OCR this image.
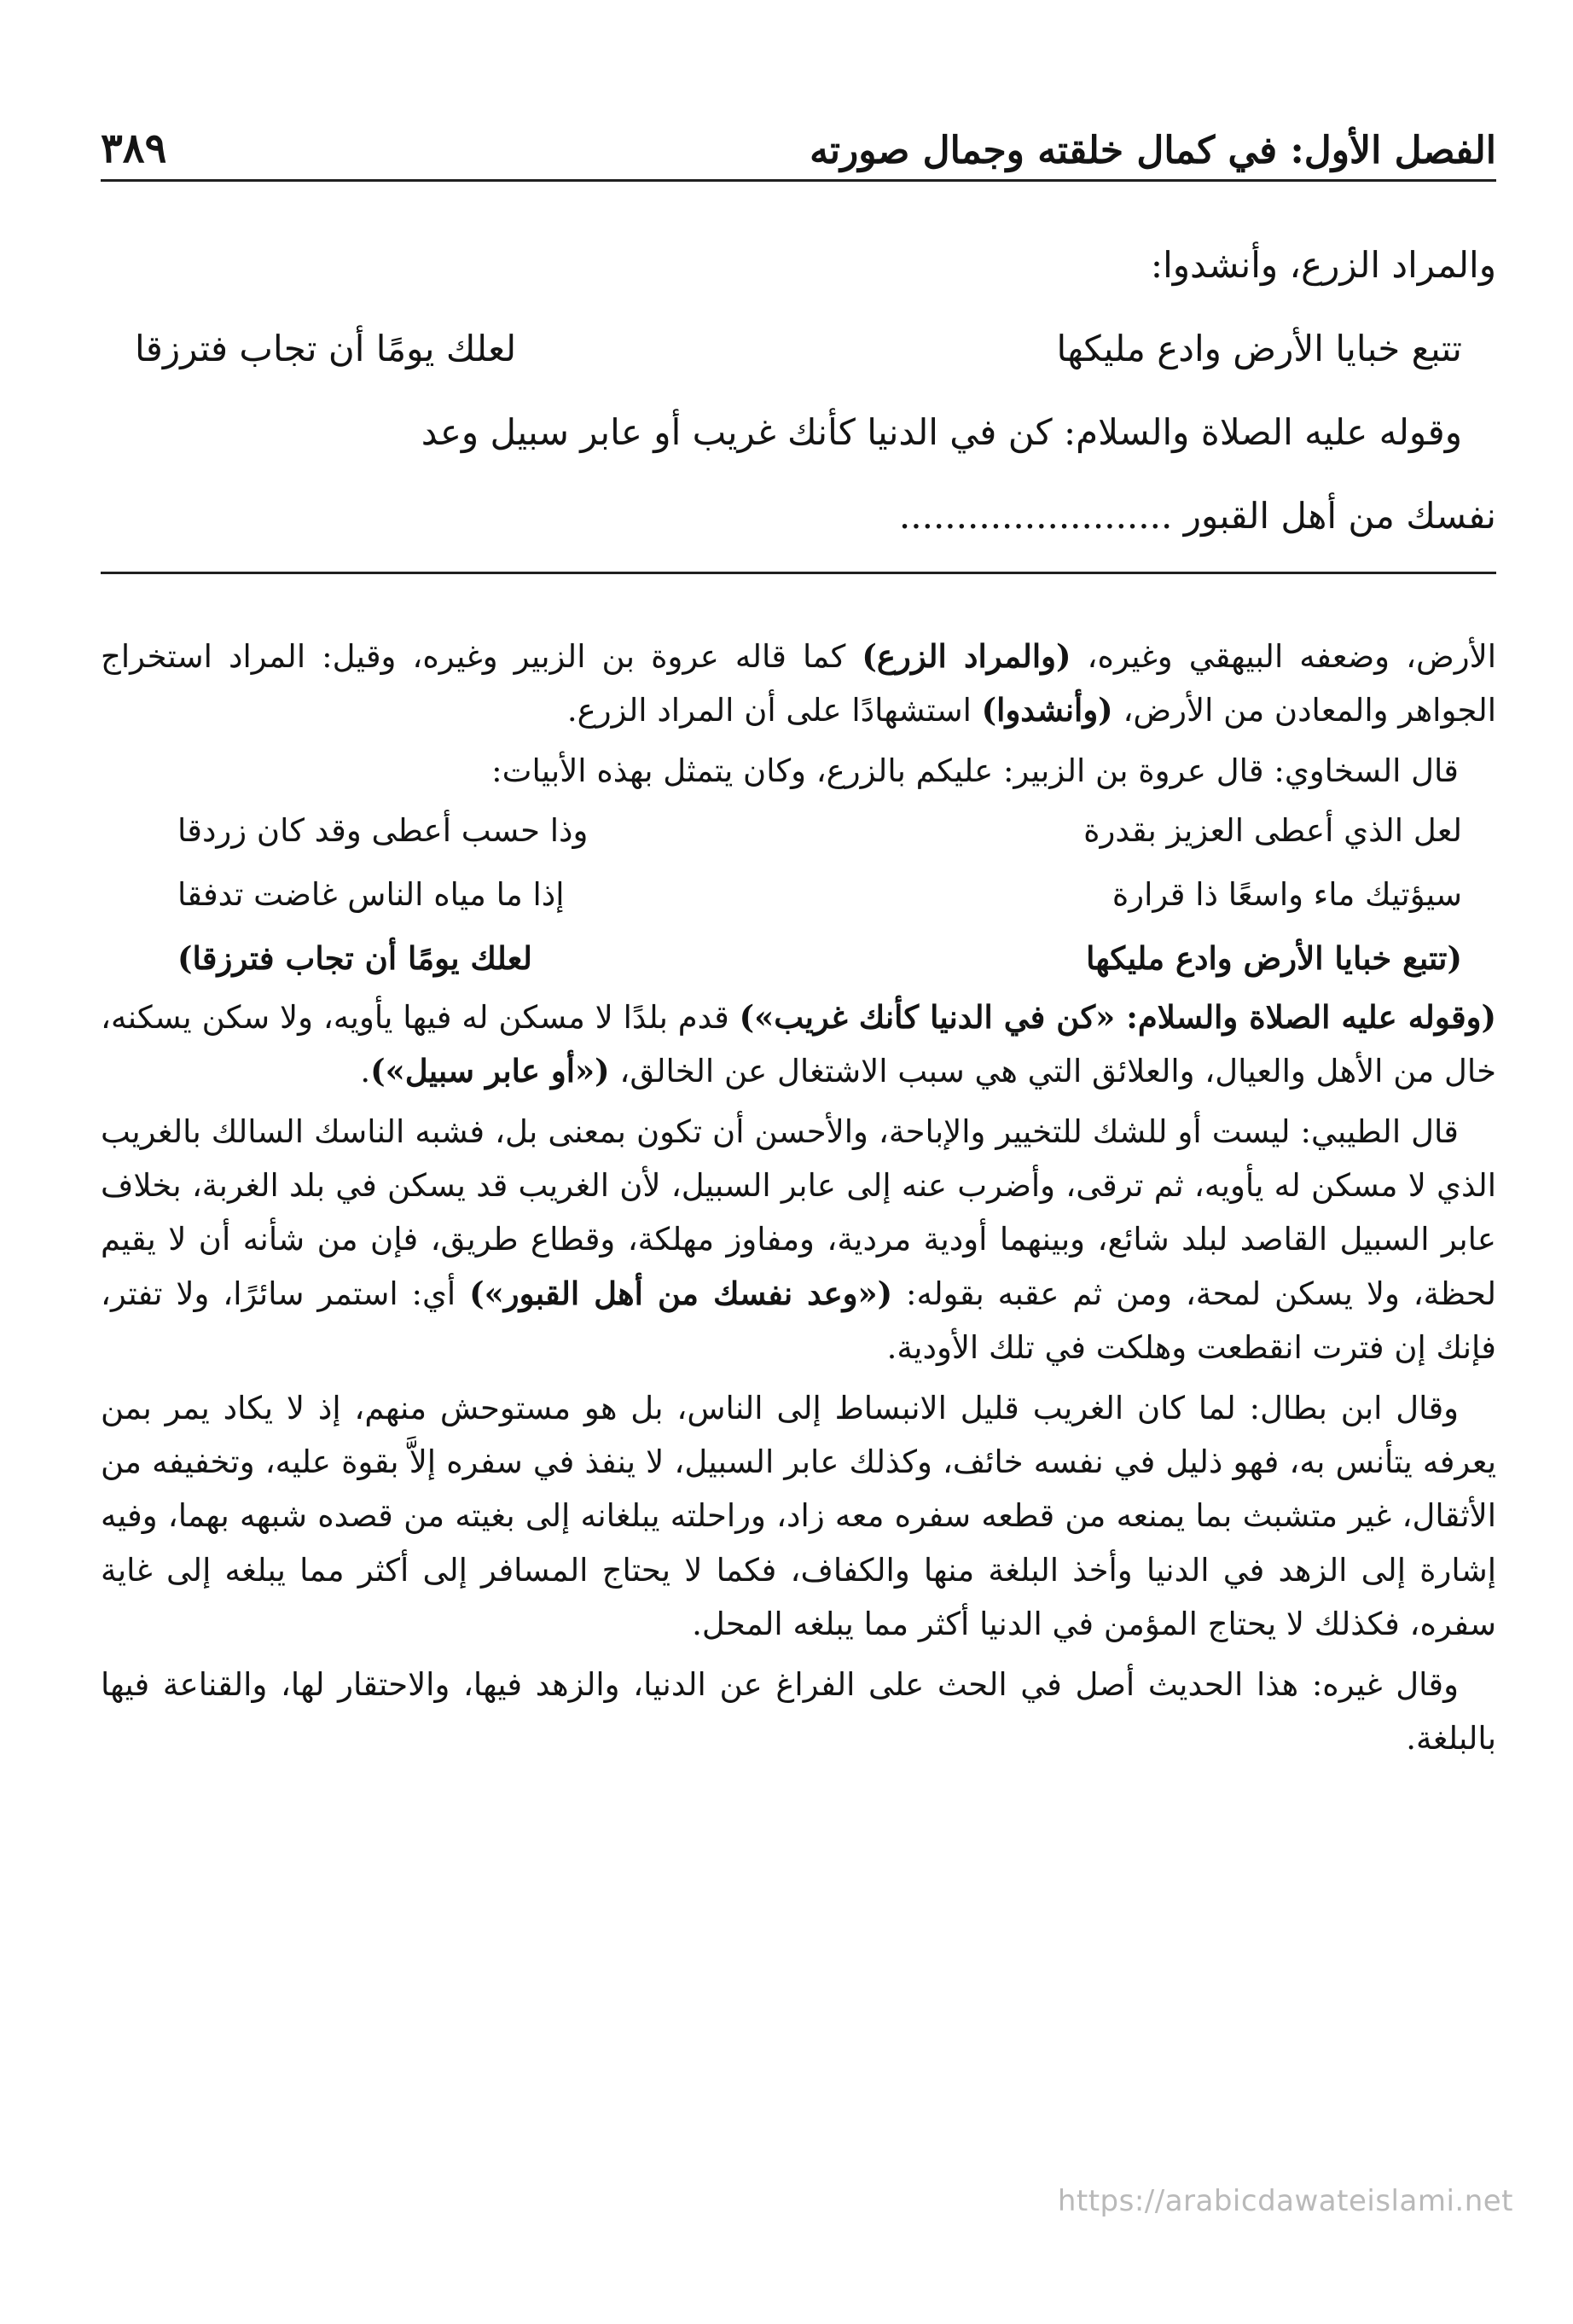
الفصل الأول: في كمال خلقته وجمال صورته
٣٨٩

والمراد الزرع، وأنشدوا:

تتبع خبايا الأرض وادع مليكها
لعلك يومًا أن تجاب فترزقا

وقوله عليه الصلاة والسلام: كن في الدنيا كأنك غريب أو عابر سبيل وعد

نفسك من أهل القبور ........................

الأرض، وضعفه البيهقي وغيره، (والمراد الزرع) كما قاله عروة بن الزبير وغيره، وقيل: المراد استخراج الجواهر والمعادن من الأرض، (وأنشدوا) استشهادًا على أن المراد الزرع.

قال السخاوي: قال عروة بن الزبير: عليكم بالزرع، وكان يتمثل بهذه الأبيات:

لعل الذي أعطى العزيز بقدرة
وذا حسب أعطى وقد كان زردقا
سيؤتيك ماء واسعًا ذا قرارة
إذا ما مياه الناس غاضت تدفقا
(تتبع خبايا الأرض وادع مليكها
لعلك يومًا أن تجاب فترزقا)

(وقوله عليه الصلاة والسلام: «كن في الدنيا كأنك غريب») قدم بلدًا لا مسكن له فيها يأويه، ولا سكن يسكنه، خال من الأهل والعيال، والعلائق التي هي سبب الاشتغال عن الخالق، («أو عابر سبيل»).

قال الطيبي: ليست أو للشك للتخيير والإباحة، والأحسن أن تكون بمعنى بل، فشبه الناسك السالك بالغريب الذي لا مسكن له يأويه، ثم ترقى، وأضرب عنه إلى عابر السبيل، لأن الغريب قد يسكن في بلد الغربة، بخلاف عابر السبيل القاصد لبلد شائع، وبينهما أودية مردية، ومفاوز مهلكة، وقطاع طريق، فإن من شأنه أن لا يقيم لحظة، ولا يسكن لمحة، ومن ثم عقبه بقوله: («وعد نفسك من أهل القبور») أي: استمر سائرًا، ولا تفتر، فإنك إن فترت انقطعت وهلكت في تلك الأودية.

وقال ابن بطال: لما كان الغريب قليل الانبساط إلى الناس، بل هو مستوحش منهم، إذ لا يكاد يمر بمن يعرفه يتأنس به، فهو ذليل في نفسه خائف، وكذلك عابر السبيل، لا ينفذ في سفره إلاَّ بقوة عليه، وتخفيفه من الأثقال، غير متشبث بما يمنعه من قطعه سفره معه زاد، وراحلته يبلغانه إلى بغيته من قصده شبهه بهما، وفيه إشارة إلى الزهد في الدنيا وأخذ البلغة منها والكفاف، فكما لا يحتاج المسافر إلى أكثر مما يبلغه إلى غاية سفره، فكذلك لا يحتاج المؤمن في الدنيا أكثر مما يبلغه المحل.

وقال غيره: هذا الحديث أصل في الحث على الفراغ عن الدنيا، والزهد فيها، والاحتقار لها، والقناعة فيها بالبلغة.

https://arabicdawateislami.net
